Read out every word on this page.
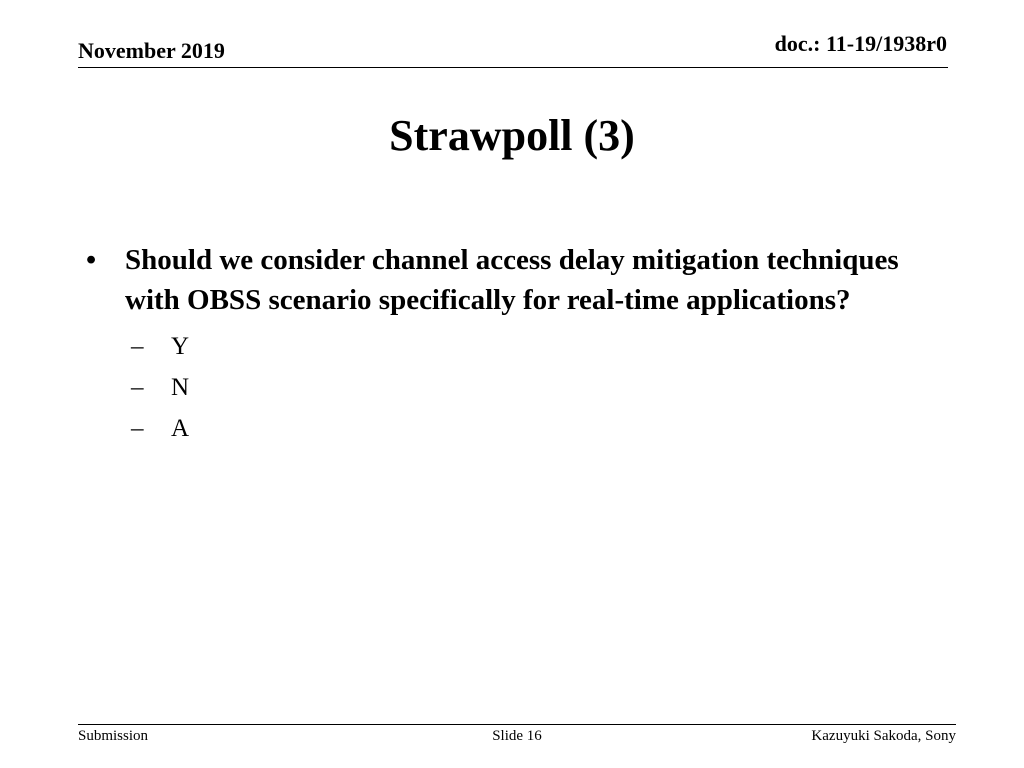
November 2019	doc.: 11-19/1938r0
Strawpoll (3)
• Should we consider channel access delay mitigation techniques with OBSS scenario specifically for real-time applications?
–	Y
–	N
–	A
Submission	Slide 16	Kazuyuki Sakoda, Sony
